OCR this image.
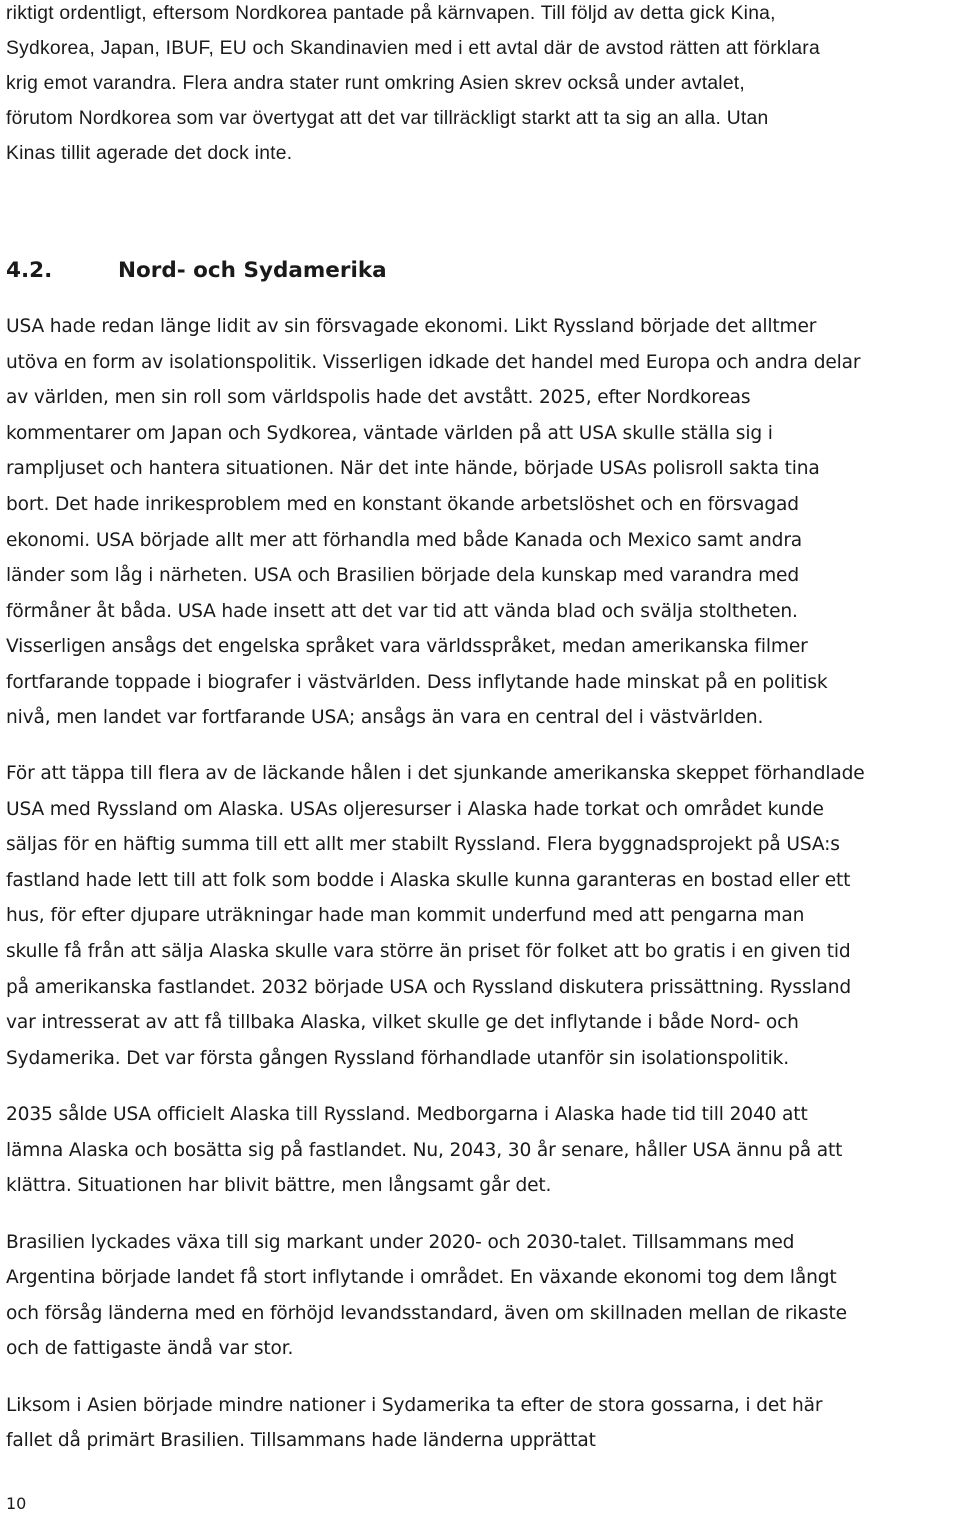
riktigt ordentligt, eftersom Nordkorea pantade på kärnvapen. Till följd av detta gick Kina,
Sydkorea, Japan, IBUF, EU och Skandinavien med i ett avtal där de avstod rätten att förklara
krig emot varandra. Flera andra stater runt omkring Asien skrev också under avtalet,
förutom Nordkorea som var övertygat att det var tillräckligt starkt att ta sig an alla. Utan
Kinas tillit agerade det dock inte.
4.2.	Nord- och Sydamerika
USA hade redan länge lidit av sin försvagade ekonomi. Likt Ryssland började det alltmer
utöva en form av isolationspolitik. Visserligen idkade det handel med Europa och andra delar
av världen, men sin roll som världspolis hade det avstått. 2025, efter Nordkoreas
kommentarer om Japan och Sydkorea, väntade världen på att USA skulle ställa sig i
rampljuset och hantera situationen. När det inte hände, började USAs polisroll sakta tina
bort. Det hade inrikesproblem med en konstant ökande arbetslöshet och en försvagad
ekonomi. USA började allt mer att förhandla med både Kanada och Mexico samt andra
länder som låg i närheten. USA och Brasilien började dela kunskap med varandra med
förmåner åt båda. USA hade insett att det var tid att vända blad och svälja stoltheten.
Visserligen ansågs det engelska språket vara världsspråket, medan amerikanska filmer
fortfarande toppade i biografer i västvärlden. Dess inflytande hade minskat på en politisk
nivå, men landet var fortfarande USA; ansågs än vara en central del i västvärlden.
För att täppa till flera av de läckande hålen i det sjunkande amerikanska skeppet förhandlade
USA med Ryssland om Alaska. USAs oljeresurser i Alaska hade torkat och området kunde
säljas för en häftig summa till ett allt mer stabilt Ryssland. Flera byggnadsprojekt på USA:s
fastland hade lett till att folk som bodde i Alaska skulle kunna garanteras en bostad eller ett
hus, för efter djupare uträkningar hade man kommit underfund med att pengarna man
skulle få från att sälja Alaska skulle vara större än priset för folket att bo gratis i en given tid
på amerikanska fastlandet. 2032 började USA och Ryssland diskutera prissättning. Ryssland
var intresserat av att få tillbaka Alaska, vilket skulle ge det inflytande i både Nord- och
Sydamerika. Det var första gången Ryssland förhandlade utanför sin isolationspolitik.
2035 sålde USA officielt Alaska till Ryssland. Medborgarna i Alaska hade tid till 2040 att
lämna Alaska och bosätta sig på fastlandet. Nu, 2043, 30 år senare, håller USA ännu på att
klättra. Situationen har blivit bättre, men långsamt går det.
Brasilien lyckades växa till sig markant under 2020- och 2030-talet. Tillsammans med
Argentina började landet få stort inflytande i området. En växande ekonomi tog dem långt
och försåg länderna med en förhöjd levandsstandard, även om skillnaden mellan de rikaste
och de fattigaste ändå var stor.
Liksom i Asien började mindre nationer i Sydamerika ta efter de stora gossarna, i det här
fallet då primärt Brasilien. Tillsammans hade länderna upprättat
10
